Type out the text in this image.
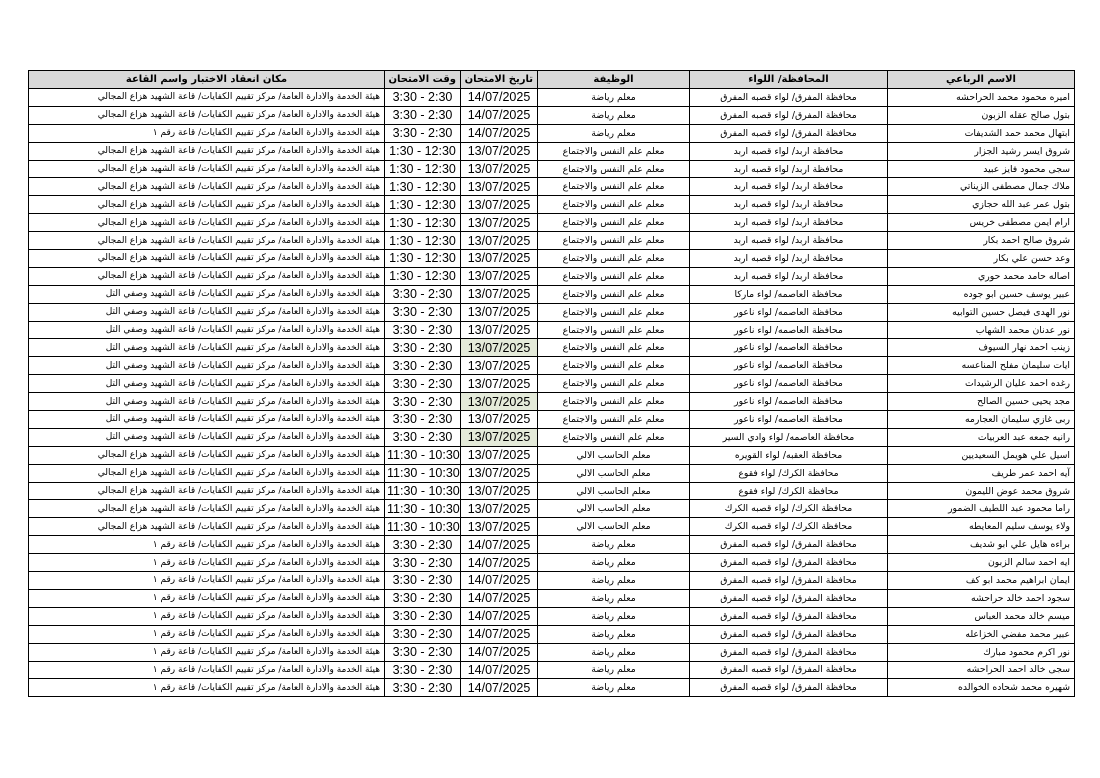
الاسم الرباعي	المحافظة/ اللواء	الوظيفة	تاريخ الامتحان	وقت الامتحان	مكان انعقاد الاختبار واسم القاعة
اميره محمود محمد الحراحشه	محافظة المفرق/ لواء قصبه المفرق	معلم رياضة	14/07/2025	3:30 - 2:30	هيئة الخدمة والادارة العامة/ مركز تقييم الكفايات/ قاعة الشهيد هزاع المجالي
بتول صالح عقله الزبون	محافظة المفرق/ لواء قصبه المفرق	معلم رياضة	14/07/2025	3:30 - 2:30	هيئة الخدمة والادارة العامة/ مركز تقييم الكفايات/ قاعة الشهيد هزاع المجالي
ابتهال محمد حمد الشديفات	محافظة المفرق/ لواء قصبه المفرق	معلم رياضة	14/07/2025	3:30 - 2:30	هيئة الخدمة والادارة العامة/ مركز تقييم الكفايات/ قاعة رقم ١
شروق ايسر رشيد الجزار	محافظة اربد/ لواء قصبه اربد	معلم علم النفس والاجتماع	13/07/2025	1:30 - 12:30	هيئة الخدمة والادارة العامة/ مركز تقييم الكفايات/ قاعة الشهيد هزاع المجالي
سجى محمود فايز عبيد	محافظة اربد/ لواء قصبه اربد	معلم علم النفس والاجتماع	13/07/2025	1:30 - 12:30	هيئة الخدمة والادارة العامة/ مركز تقييم الكفايات/ قاعة الشهيد هزاع المجالي
ملاك جمال مصطفى الزيناتي	محافظة اربد/ لواء قصبه اربد	معلم علم النفس والاجتماع	13/07/2025	1:30 - 12:30	هيئة الخدمة والادارة العامة/ مركز تقييم الكفايات/ قاعة الشهيد هزاع المجالي
بتول عمر عبد الله حجازي	محافظة اربد/ لواء قصبه اربد	معلم علم النفس والاجتماع	13/07/2025	1:30 - 12:30	هيئة الخدمة والادارة العامة/ مركز تقييم الكفايات/ قاعة الشهيد هزاع المجالي
ارام ايمن مصطفى خريس	محافظة اربد/ لواء قصبه اربد	معلم علم النفس والاجتماع	13/07/2025	1:30 - 12:30	هيئة الخدمة والادارة العامة/ مركز تقييم الكفايات/ قاعة الشهيد هزاع المجالي
شروق صالح احمد بكار	محافظة اربد/ لواء قصبه اربد	معلم علم النفس والاجتماع	13/07/2025	1:30 - 12:30	هيئة الخدمة والادارة العامة/ مركز تقييم الكفايات/ قاعة الشهيد هزاع المجالي
وعد حسن علي بكار	محافظة اربد/ لواء قصبه اربد	معلم علم النفس والاجتماع	13/07/2025	1:30 - 12:30	هيئة الخدمة والادارة العامة/ مركز تقييم الكفايات/ قاعة الشهيد هزاع المجالي
اصاله حامد محمد حوري	محافظة اربد/ لواء قصبه اربد	معلم علم النفس والاجتماع	13/07/2025	1:30 - 12:30	هيئة الخدمة والادارة العامة/ مركز تقييم الكفايات/ قاعة الشهيد هزاع المجالي
عبير يوسف حسين ابو جوده	محافظة العاصمه/ لواء ماركا	معلم علم النفس والاجتماع	13/07/2025	3:30 - 2:30	هيئة الخدمة والادارة العامة/ مركز تقييم الكفايات/ قاعة الشهيد وصفي التل
نور الهدى فيصل حسين التوابيه	محافظة العاصمه/ لواء ناعور	معلم علم النفس والاجتماع	13/07/2025	3:30 - 2:30	هيئة الخدمة والادارة العامة/ مركز تقييم الكفايات/ قاعة الشهيد وصفي التل
نور عدنان محمد الشهاب	محافظة العاصمه/ لواء ناعور	معلم علم النفس والاجتماع	13/07/2025	3:30 - 2:30	هيئة الخدمة والادارة العامة/ مركز تقييم الكفايات/ قاعة الشهيد وصفي التل
زينب احمد نهار السيوف	محافظة العاصمه/ لواء ناعور	معلم علم النفس والاجتماع	13/07/2025	3:30 - 2:30	هيئة الخدمة والادارة العامة/ مركز تقييم الكفايات/ قاعة الشهيد وصفي التل
ايات سليمان مفلح المناعسه	محافظة العاصمه/ لواء ناعور	معلم علم النفس والاجتماع	13/07/2025	3:30 - 2:30	هيئة الخدمة والادارة العامة/ مركز تقييم الكفايات/ قاعة الشهيد وصفي التل
رغده احمد عليان الرشيدات	محافظة العاصمه/ لواء ناعور	معلم علم النفس والاجتماع	13/07/2025	3:30 - 2:30	هيئة الخدمة والادارة العامة/ مركز تقييم الكفايات/ قاعة الشهيد وصفي التل
مجد يحيى حسين الصالح	محافظة العاصمه/ لواء ناعور	معلم علم النفس والاجتماع	13/07/2025	3:30 - 2:30	هيئة الخدمة والادارة العامة/ مركز تقييم الكفايات/ قاعة الشهيد وصفي التل
ربى غازي سليمان العجارمه	محافظة العاصمه/ لواء ناعور	معلم علم النفس والاجتماع	13/07/2025	3:30 - 2:30	هيئة الخدمة والادارة العامة/ مركز تقييم الكفايات/ قاعة الشهيد وصفي التل
رانيه جمعه عبد العربيات	محافظة العاصمه/ لواء وادي السير	معلم علم النفس والاجتماع	13/07/2025	3:30 - 2:30	هيئة الخدمة والادارة العامة/ مركز تقييم الكفايات/ قاعة الشهيد وصفي التل
اسيل علي هويمل السعيديين	محافظة العقبه/ لواء القويره	معلم الحاسب الالي	13/07/2025	11:30 - 10:30	هيئة الخدمة والادارة العامة/ مركز تقييم الكفايات/ قاعة الشهيد هزاع المجالي
آيه احمد عمر طريف	محافظة الكرك/ لواء فقوع	معلم الحاسب الالي	13/07/2025	11:30 - 10:30	هيئة الخدمة والادارة العامة/ مركز تقييم الكفايات/ قاعة الشهيد هزاع المجالي
شروق محمد عوض الليمون	محافظة الكرك/ لواء فقوع	معلم الحاسب الالي	13/07/2025	11:30 - 10:30	هيئة الخدمة والادارة العامة/ مركز تقييم الكفايات/ قاعة الشهيد هزاع المجالي
راما محمود عبد اللطيف الضمور	محافظة الكرك/ لواء قصبه الكرك	معلم الحاسب الالي	13/07/2025	11:30 - 10:30	هيئة الخدمة والادارة العامة/ مركز تقييم الكفايات/ قاعة الشهيد هزاع المجالي
ولاء يوسف سليم المعايطه	محافظة الكرك/ لواء قصبه الكرك	معلم الحاسب الالي	13/07/2025	11:30 - 10:30	هيئة الخدمة والادارة العامة/ مركز تقييم الكفايات/ قاعة الشهيد هزاع المجالي
براءه هايل علي ابو شديف	محافظة المفرق/ لواء قصبه المفرق	معلم رياضة	14/07/2025	3:30 - 2:30	هيئة الخدمة والادارة العامة/ مركز تقييم الكفايات/ قاعة رقم ١
ايه احمد سالم الزبون	محافظة المفرق/ لواء قصبه المفرق	معلم رياضة	14/07/2025	3:30 - 2:30	هيئة الخدمة والادارة العامة/ مركز تقييم الكفايات/ قاعة رقم ١
ايمان ابراهيم محمد ابو كف	محافظة المفرق/ لواء قصبه المفرق	معلم رياضة	14/07/2025	3:30 - 2:30	هيئة الخدمة والادارة العامة/ مركز تقييم الكفايات/ قاعة رقم ١
سجود احمد خالد حراحشه	محافظة المفرق/ لواء قصبه المفرق	معلم رياضة	14/07/2025	3:30 - 2:30	هيئة الخدمة والادارة العامة/ مركز تقييم الكفايات/ قاعة رقم ١
ميسم خالد محمد العباس	محافظة المفرق/ لواء قصبه المفرق	معلم رياضة	14/07/2025	3:30 - 2:30	هيئة الخدمة والادارة العامة/ مركز تقييم الكفايات/ قاعة رقم ١
عبير محمد مفضي الخزاعله	محافظة المفرق/ لواء قصبه المفرق	معلم رياضة	14/07/2025	3:30 - 2:30	هيئة الخدمة والادارة العامة/ مركز تقييم الكفايات/ قاعة رقم ١
نور اكرم محمود مبارك	محافظة المفرق/ لواء قصبه المفرق	معلم رياضة	14/07/2025	3:30 - 2:30	هيئة الخدمة والادارة العامة/ مركز تقييم الكفايات/ قاعة رقم ١
سجى خالد احمد الحراحشه	محافظة المفرق/ لواء قصبه المفرق	معلم رياضة	14/07/2025	3:30 - 2:30	هيئة الخدمة والادارة العامة/ مركز تقييم الكفايات/ قاعة رقم ١
شهيره محمد شحاده الخوالده	محافظة المفرق/ لواء قصبه المفرق	معلم رياضة	14/07/2025	3:30 - 2:30	هيئة الخدمة والادارة العامة/ مركز تقييم الكفايات/ قاعة رقم ١
